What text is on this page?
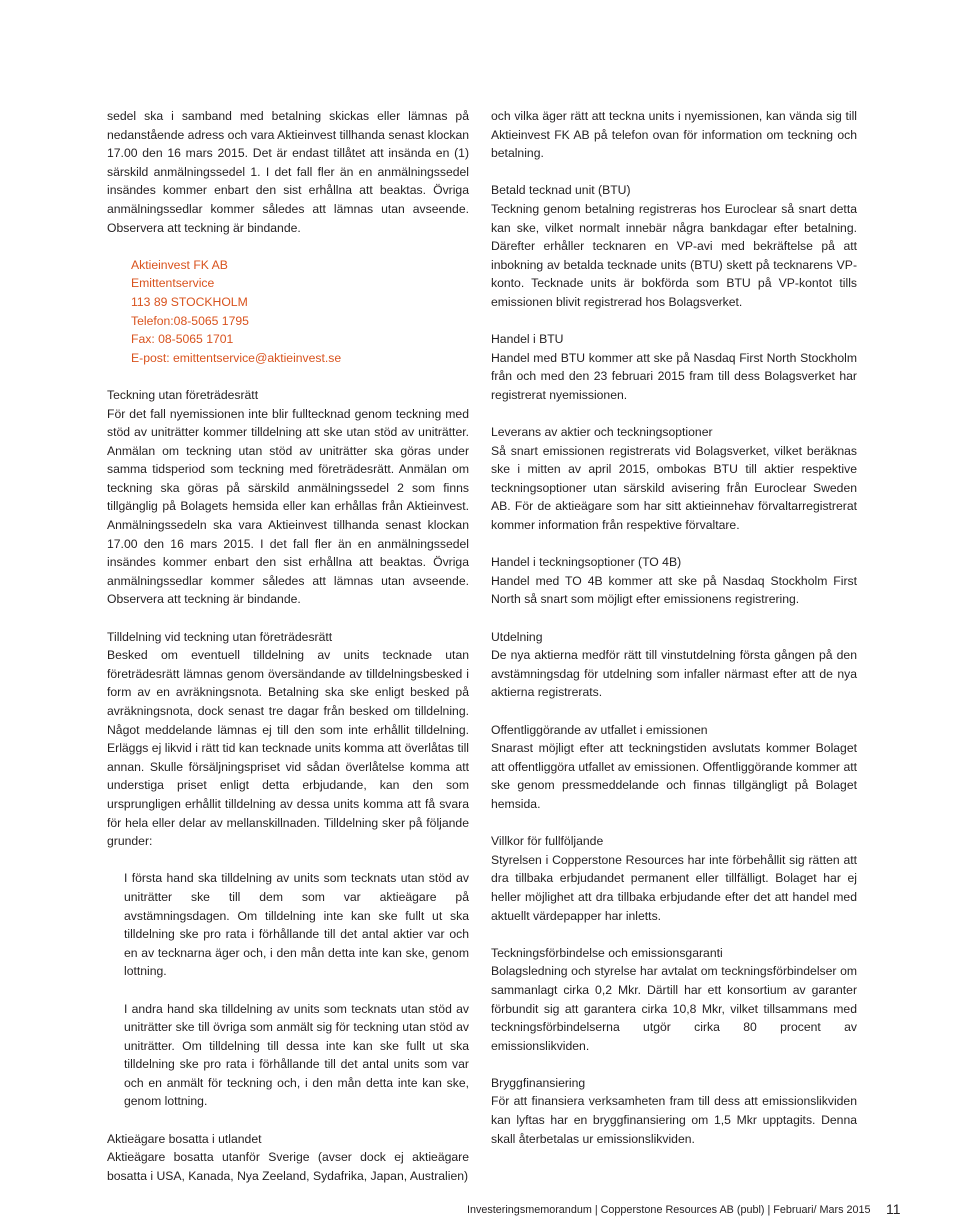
sedel ska i samband med betalning skickas eller lämnas på nedanstående adress och vara Aktieinvest tillhanda senast klockan 17.00 den 16 mars 2015. Det är endast tillåtet att insända en (1) särskild anmälningssedel 1. I det fall fler än en anmälningssedel insändes kommer enbart den sist erhållna att beaktas. Övriga anmälningssedlar kommer således att lämnas utan avseende. Observera att teckning är bindande.

Aktieinvest FK AB
Emittentservice
113 89 STOCKHOLM
Telefon:08-5065 1795
Fax: 08-5065 1701
E-post: emittentservice@aktieinvest.se

Teckning utan företrädesrätt

För det fall nyemissionen inte blir fulltecknad genom teckning med stöd av uniträtter kommer tilldelning att ske utan stöd av uniträtter. Anmälan om teckning utan stöd av uniträtter ska göras under samma tidsperiod som teckning med företrädesrätt. Anmälan om teckning ska göras på särskild anmälningssedel 2 som finns tillgänglig på Bolagets hemsida eller kan erhållas från Aktieinvest. Anmälningssedeln ska vara Aktieinvest tillhanda senast klockan 17.00 den 16 mars 2015. I det fall fler än en anmälningssedel insändes kommer enbart den sist erhållna att beaktas. Övriga anmälningssedlar kommer således att lämnas utan avseende. Observera att teckning är bindande.

Tilldelning vid teckning utan företrädesrätt

Besked om eventuell tilldelning av units tecknade utan företrädesrätt lämnas genom översändande av tilldelningsbesked i form av en avräkningsnota. Betalning ska ske enligt besked på avräkningsnota, dock senast tre dagar från besked om tilldelning. Något meddelande lämnas ej till den som inte erhållit tilldelning. Erläggs ej likvid i rätt tid kan tecknade units komma att överlåtas till annan. Skulle försäljningspriset vid sådan överlåtelse komma att understiga priset enligt detta erbjudande, kan den som ursprungligen erhållit tilldelning av dessa units komma att få svara för hela eller delar av mellanskillnaden. Tilldelning sker på följande grunder:

I första hand ska tilldelning av units som tecknats utan stöd av uniträtter ske till dem som var aktieägare på avstämningsdagen. Om tilldelning inte kan ske fullt ut ska tilldelning ske pro rata i förhållande till det antal aktier var och en av tecknarna äger och, i den mån detta inte kan ske, genom lottning.

I andra hand ska tilldelning av units som tecknats utan stöd av uniträtter ske till övriga som anmält sig för teckning utan stöd av uniträtter. Om tilldelning till dessa inte kan ske fullt ut ska tilldelning ske pro rata i förhållande till det antal units som var och en anmält för teckning och, i den mån detta inte kan ske, genom lottning.

Aktieägare bosatta i utlandet

Aktieägare bosatta utanför Sverige (avser dock ej aktieägare bosatta i USA, Kanada, Nya Zeeland, Sydafrika, Japan, Australien)

och vilka äger rätt att teckna units i nyemissionen, kan vända sig till Aktieinvest FK AB på telefon ovan för information om teckning och betalning.

Betald tecknad unit (BTU)

Teckning genom betalning registreras hos Euroclear så snart detta kan ske, vilket normalt innebär några bankdagar efter betalning. Därefter erhåller tecknaren en VP-avi med bekräftelse på att inbokning av betalda tecknade units (BTU) skett på tecknarens VP-konto. Tecknade units är bokförda som BTU på VP-kontot tills emissionen blivit registrerad hos Bolagsverket.

Handel i BTU

Handel med BTU kommer att ske på Nasdaq First North Stockholm från och med den 23 februari 2015 fram till dess Bolagsverket har registrerat nyemissionen.

Leverans av aktier och teckningsoptioner

Så snart emissionen registrerats vid Bolagsverket, vilket beräknas ske i mitten av april 2015, ombokas BTU till aktier respektive teckningsoptioner utan särskild avisering från Euroclear Sweden AB. För de aktieägare som har sitt aktieinnehav förvaltarregistrerat kommer information från respektive förvaltare.

Handel i teckningsoptioner (TO 4B)

Handel med TO 4B kommer att ske på Nasdaq Stockholm First North så snart som möjligt efter emissionens registrering.

Utdelning

De nya aktierna medför rätt till vinstutdelning första gången på den avstämningsdag för utdelning som infaller närmast efter att de nya aktierna registrerats.

Offentliggörande av utfallet i emissionen

Snarast möjligt efter att teckningstiden avslutats kommer Bolaget att offentliggöra utfallet av emissionen. Offentliggörande kommer att ske genom pressmeddelande och finnas tillgängligt på Bolaget hemsida.

Villkor för fullföljande

Styrelsen i Copperstone Resources har inte förbehållit sig rätten att dra tillbaka erbjudandet permanent eller tillfälligt. Bolaget har ej heller möjlighet att dra tillbaka erbjudande efter det att handel med aktuellt värdepapper har inletts.

Teckningsförbindelse och emissionsgaranti

Bolagsledning och styrelse har avtalat om teckningsförbindelser om sammanlagt cirka 0,2 Mkr. Därtill har ett konsortium av garanter förbundit sig att garantera cirka 10,8 Mkr, vilket tillsammans med teckningsförbindelserna utgör cirka 80 procent av emissionslikviden.

Bryggfinansiering

För att finansiera verksamheten fram till dess att emissionslikviden kan lyftas har en bryggfinansiering om 1,5 Mkr upptagits. Denna skall återbetalas ur emissionslikviden.

Investeringsmemorandum | Copperstone Resources AB (publ) | Februari/ Mars 2015 11
